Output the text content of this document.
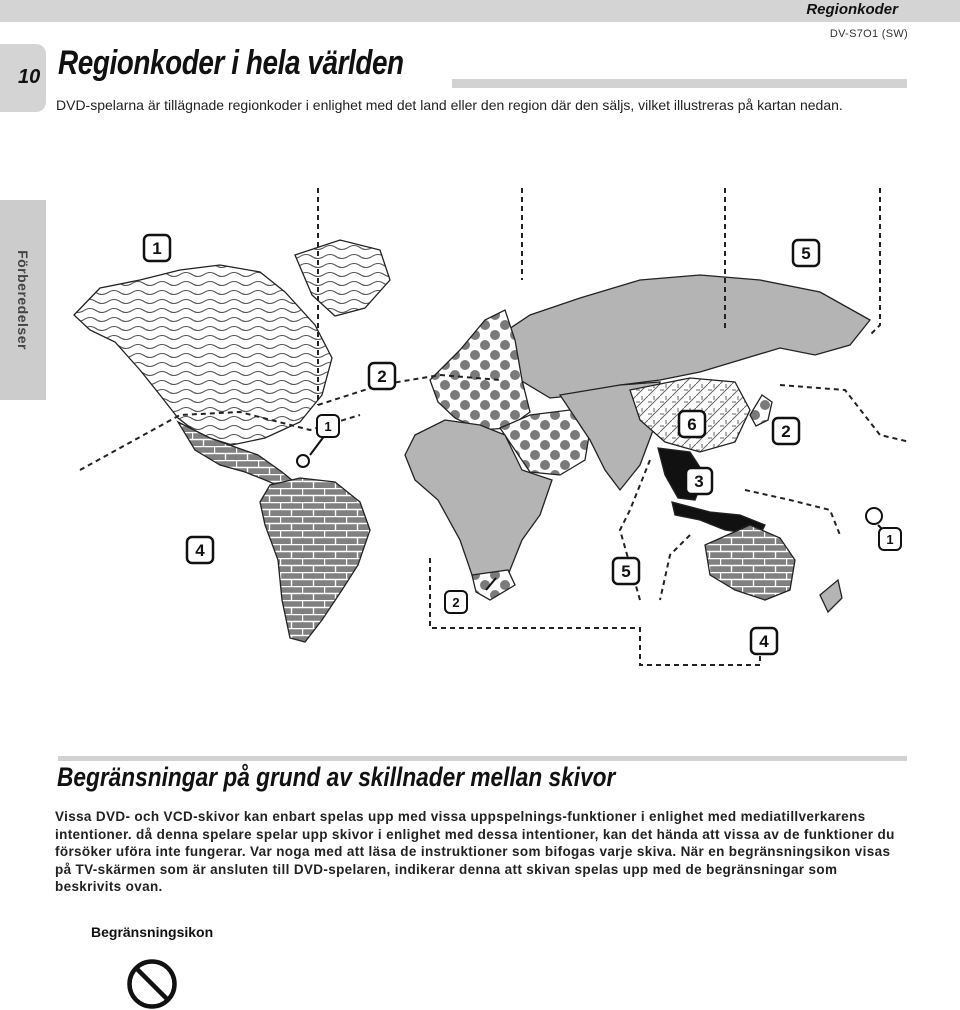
Regionkoder
DV-S7O1 (SW)
10 Regionkoder i hela världen
DVD-spelarna är tillägnade regionkoder i enlighet med det land eller den region där den säljs, vilket illustreras på kartan nedan.
Förberedelser
1	5
2
1	6	2
3
4
1
5
2
4
Begränsningar på grund av skillnader mellan skivor
Vissa DVD- och VCD-skivor kan enbart spelas upp med vissa uppspelnings-funktioner i enlighet med mediatillverkarens intentioner. då denna spelare spelar upp skivor i enlighet med dessa intentioner, kan det hända att vissa av de funktioner du försöker uföra inte fungerar. Var noga med att läsa de instruktioner som bifogas varje skiva. När en begränsningsikon visas på TV-skärmen som är ansluten till DVD-spelaren, indikerar denna att skivan spelas upp med de begränsningar som beskrivits ovan.
Begränsningsikon
